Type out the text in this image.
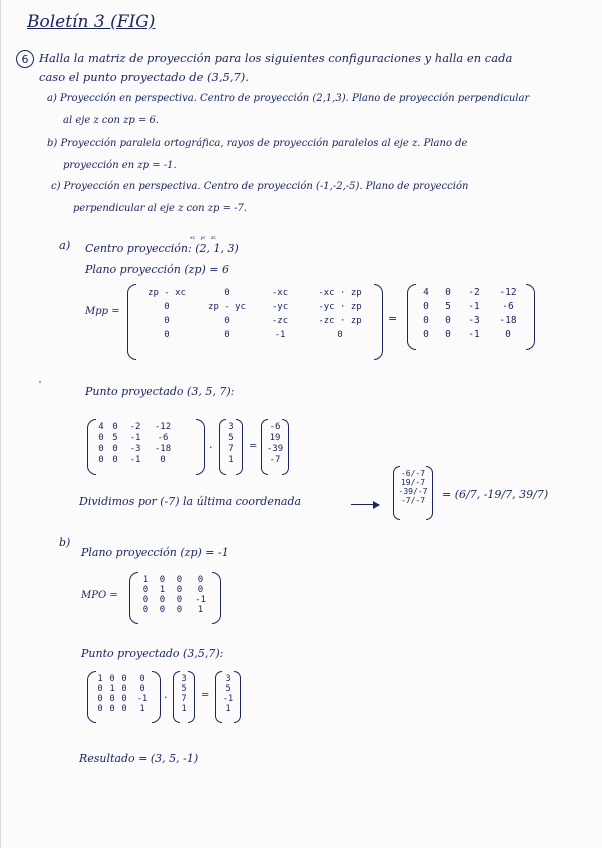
Boletín 3 (FIG)
6 Halla la matriz de proyección para los siguientes configuraciones y halla en cada
caso el punto proyectado de (3,5,7).
a) Proyección en perspectiva. Centro de proyección (2,1,3). Plano de proyección perpendicular
al eje z con zp = 6.
b) Proyección paralela ortográfica, rayos de proyección paralelos al eje z. Plano de
proyección en zp = -1.
c) Proyección en perspectiva. Centro de proyección (-1,-2,-5). Plano de proyección
perpendicular al eje z con zp = -7.
a)	xc yc zc
Centro proyección: (2, 1, 3)
Plano proyección (zp) = 6
Mpp =
zp - xc	0	-xc	-xc · zp
0	zp - yc	-yc	-yc · zp
0	0	-zc	-zc · zp
0	0	-1	0
=
4	0	-2	-12
0	5	-1	-6
0	0	-3	-18
0	0	-1	0
Punto proyectado (3, 5, 7):
4 0	-2	-12
0 5	-1	-6
0 0	-3	-18
0 0	-1	0
·
3
5
7
1
=
-6
19
-39
-7
Dividimos por (-7) la última coordenada
-6/-7
19/-7
-39/-7
-7/-7 = (6/7, -19/7, 39/7)
b)
Plano proyección (zp) = -1
MPO =
1	0	0	0
0	1	0	0
0	0	0	-1
0	0	0	1
Punto proyectado (3,5,7):
1 0 0	0
0 1 0	0
0 0 0	-1
0 0 0	1
·
3
5
7
1
=
3
5
-1
1
Resultado = (3, 5, -1)
